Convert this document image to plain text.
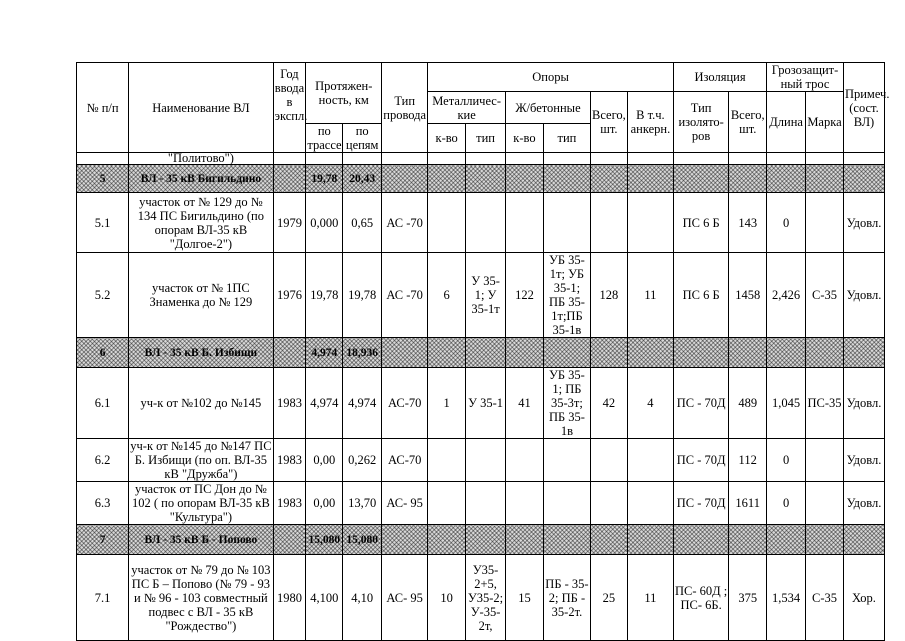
№ п/п	Наименование ВЛ	Год ввода в экспл.	Протяжен-ность, км		Тип провода	Опоры						Изоляция		Грозозащит-ный трос		Примеч. (сост. ВЛ)
						Металличес-кие		Ж/бетонные		Всего, шт.	В т.ч. анкерн.	Тип изолято-ров	Всего, шт.	Длина	Марка	
			по трассе	по цепям		к-во	тип	к-во	тип							
	"Политово")															
5	ВЛ - 35 кВ Бигильдино		19,78	20,43												
5.1	участок от № 129 до № 134 ПС Бигильдино (по опорам ВЛ-35 кВ "Долгое-2")	1979	0,000	0,65	АС -70							ПС 6 Б	143	0		Удовл.
5.2	участок от № 1ПС Знаменка до № 129	1976	19,78	19,78	АС -70	6	У 35-1; У 35-1т	122	УБ 35-1т; УБ 35-1; ПБ 35-1т;ПБ 35-1в	128	11	ПС 6 Б	1458	2,426	С-35	Удовл.
6	ВЛ - 35 кВ Б. Избищи		4,974	18,936												
6.1	уч-к от №102 до №145	1983	4,974	4,974	АС-70	1	У 35-1	41	УБ 35-1; ПБ 35-3т; ПБ 35-1в	42	4	ПС - 70Д	489	1,045	ПС-35	Удовл.
6.2	уч-к от №145 до №147 ПС Б. Избищи (по оп. ВЛ-35 кВ "Дружба")	1983	0,00	0,262	АС-70							ПС - 70Д	112	0		Удовл.
6.3	участок от ПС Дон до № 102 ( по опорам ВЛ-35 кВ "Культура")	1983	0,00	13,70	АС- 95							ПС - 70Д	1611	0		Удовл.
7	ВЛ - 35 кВ Б - Попово		15,080	15,080												
7.1	участок от № 79 до № 103 ПС Б – Попово (№ 79 - 93 и № 96 - 103 совместный подвес с ВЛ - 35 кВ "Рождество")	1980	4,100	4,10	АС- 95	10	У35-2+5, У35-2; У-35-2т,	15	ПБ - 35-2; ПБ - 35-2т.	25	11	ПС- 60Д ; ПС- 6Б.	375	1,534	С-35	Хор.
